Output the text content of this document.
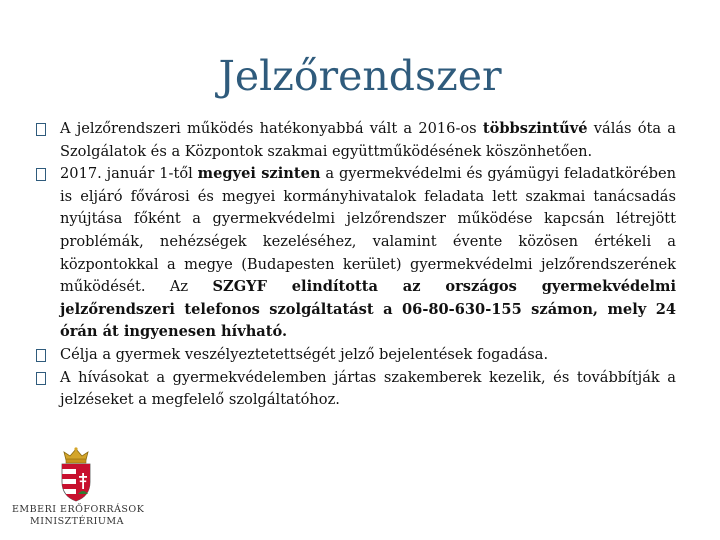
Jelzőrendszer
A jelzőrendszeri működés hatékonyabbá vált a 2016-os többszintűvé válás óta a Szolgálatok és a Központok szakmai együttműködésének köszönhetően.
2017. január 1-től megyei szinten a gyermekvédelmi és gyámügyi feladatkörében is eljáró fővárosi és megyei kormányhivatalok feladata lett szakmai tanácsadás nyújtása főként a gyermekvédelmi jelzőrendszer működése kapcsán létrejött problémák, nehézségek kezeléséhez, valamint évente közösen értékeli a központokkal a megye (Budapesten kerület) gyermekvédelmi jelzőrendszerének működését. Az SZGYF elindította az országos gyermekvédelmi jelzőrendszeri telefonos szolgáltatást a 06-80-630-155 számon, mely 24 órán át ingyenesen hívható.
Célja a gyermek veszélyeztetettségét jelző bejelentések fogadása.
A hívásokat a gyermekvédelemben jártas szakemberek kezelik, és továbbítják a jelzéseket a megfelelő szolgáltatóhoz.
EMBERI ERŐFORRÁSOK
MINISZTÉRIUMA
